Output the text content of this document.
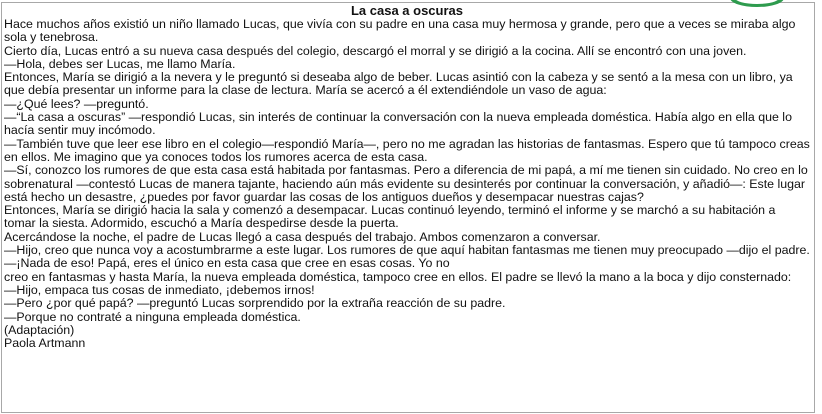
La casa a oscuras

Hace muchos años existió un niño llamado Lucas, que vivía con su padre en una casa muy hermosa y grande, pero que a veces se miraba algo sola y tenebrosa.

Cierto día, Lucas entró a su nueva casa después del colegio, descargó el morral y se dirigió a la cocina. Allí se encontró con una joven.

—Hola, debes ser Lucas, me llamo María.

Entonces, María se dirigió a la nevera y le preguntó si deseaba algo de beber. Lucas asintió con la cabeza y se sentó a la mesa con un libro, ya que debía presentar un informe para la clase de lectura. María se acercó a él extendiéndole un vaso de agua:

—¿Qué lees? —preguntó.

—“La casa a oscuras” —respondió Lucas, sin interés de continuar la conversación con la nueva empleada doméstica. Había algo en ella que lo hacía sentir muy incómodo.

—También tuve que leer ese libro en el colegio—respondió María—, pero no me agradan las historias de fantasmas. Espero que tú tampoco creas en ellos. Me imagino que ya conoces todos los rumores acerca de esta casa.

—Sí, conozco los rumores de que esta casa está habitada por fantasmas. Pero a diferencia de mi papá, a mí me tienen sin cuidado. No creo en lo sobrenatural —contestó Lucas de manera tajante, haciendo aún más evidente su desinterés por continuar la conversación, y añadió—: Este lugar está hecho un desastre, ¿puedes por favor guardar las cosas de los antiguos dueños y desempacar nuestras cajas?

Entonces, María se dirigió hacia la sala y comenzó a desempacar. Lucas continuó leyendo, terminó el informe y se marchó a su habitación a tomar la siesta. Adormido, escuchó a María despedirse desde la puerta.

Acercándose la noche, el padre de Lucas llegó a casa después del trabajo. Ambos comenzaron a conversar.

—Hijo, creo que nunca voy a acostumbrarme a este lugar. Los rumores de que aquí habitan fantasmas me tienen muy preocupado —dijo el padre.

—¡Nada de eso! Papá, eres el único en esta casa que cree en esas cosas. Yo no

creo en fantasmas y hasta María, la nueva empleada doméstica, tampoco cree en ellos. El padre se llevó la mano a la boca y dijo consternado:

—Hijo, empaca tus cosas de inmediato, ¡debemos irnos!

—Pero ¿por qué papá? —preguntó Lucas sorprendido por la extraña reacción de su padre.

—Porque no contraté a ninguna empleada doméstica.

(Adaptación)

Paola Artmann
